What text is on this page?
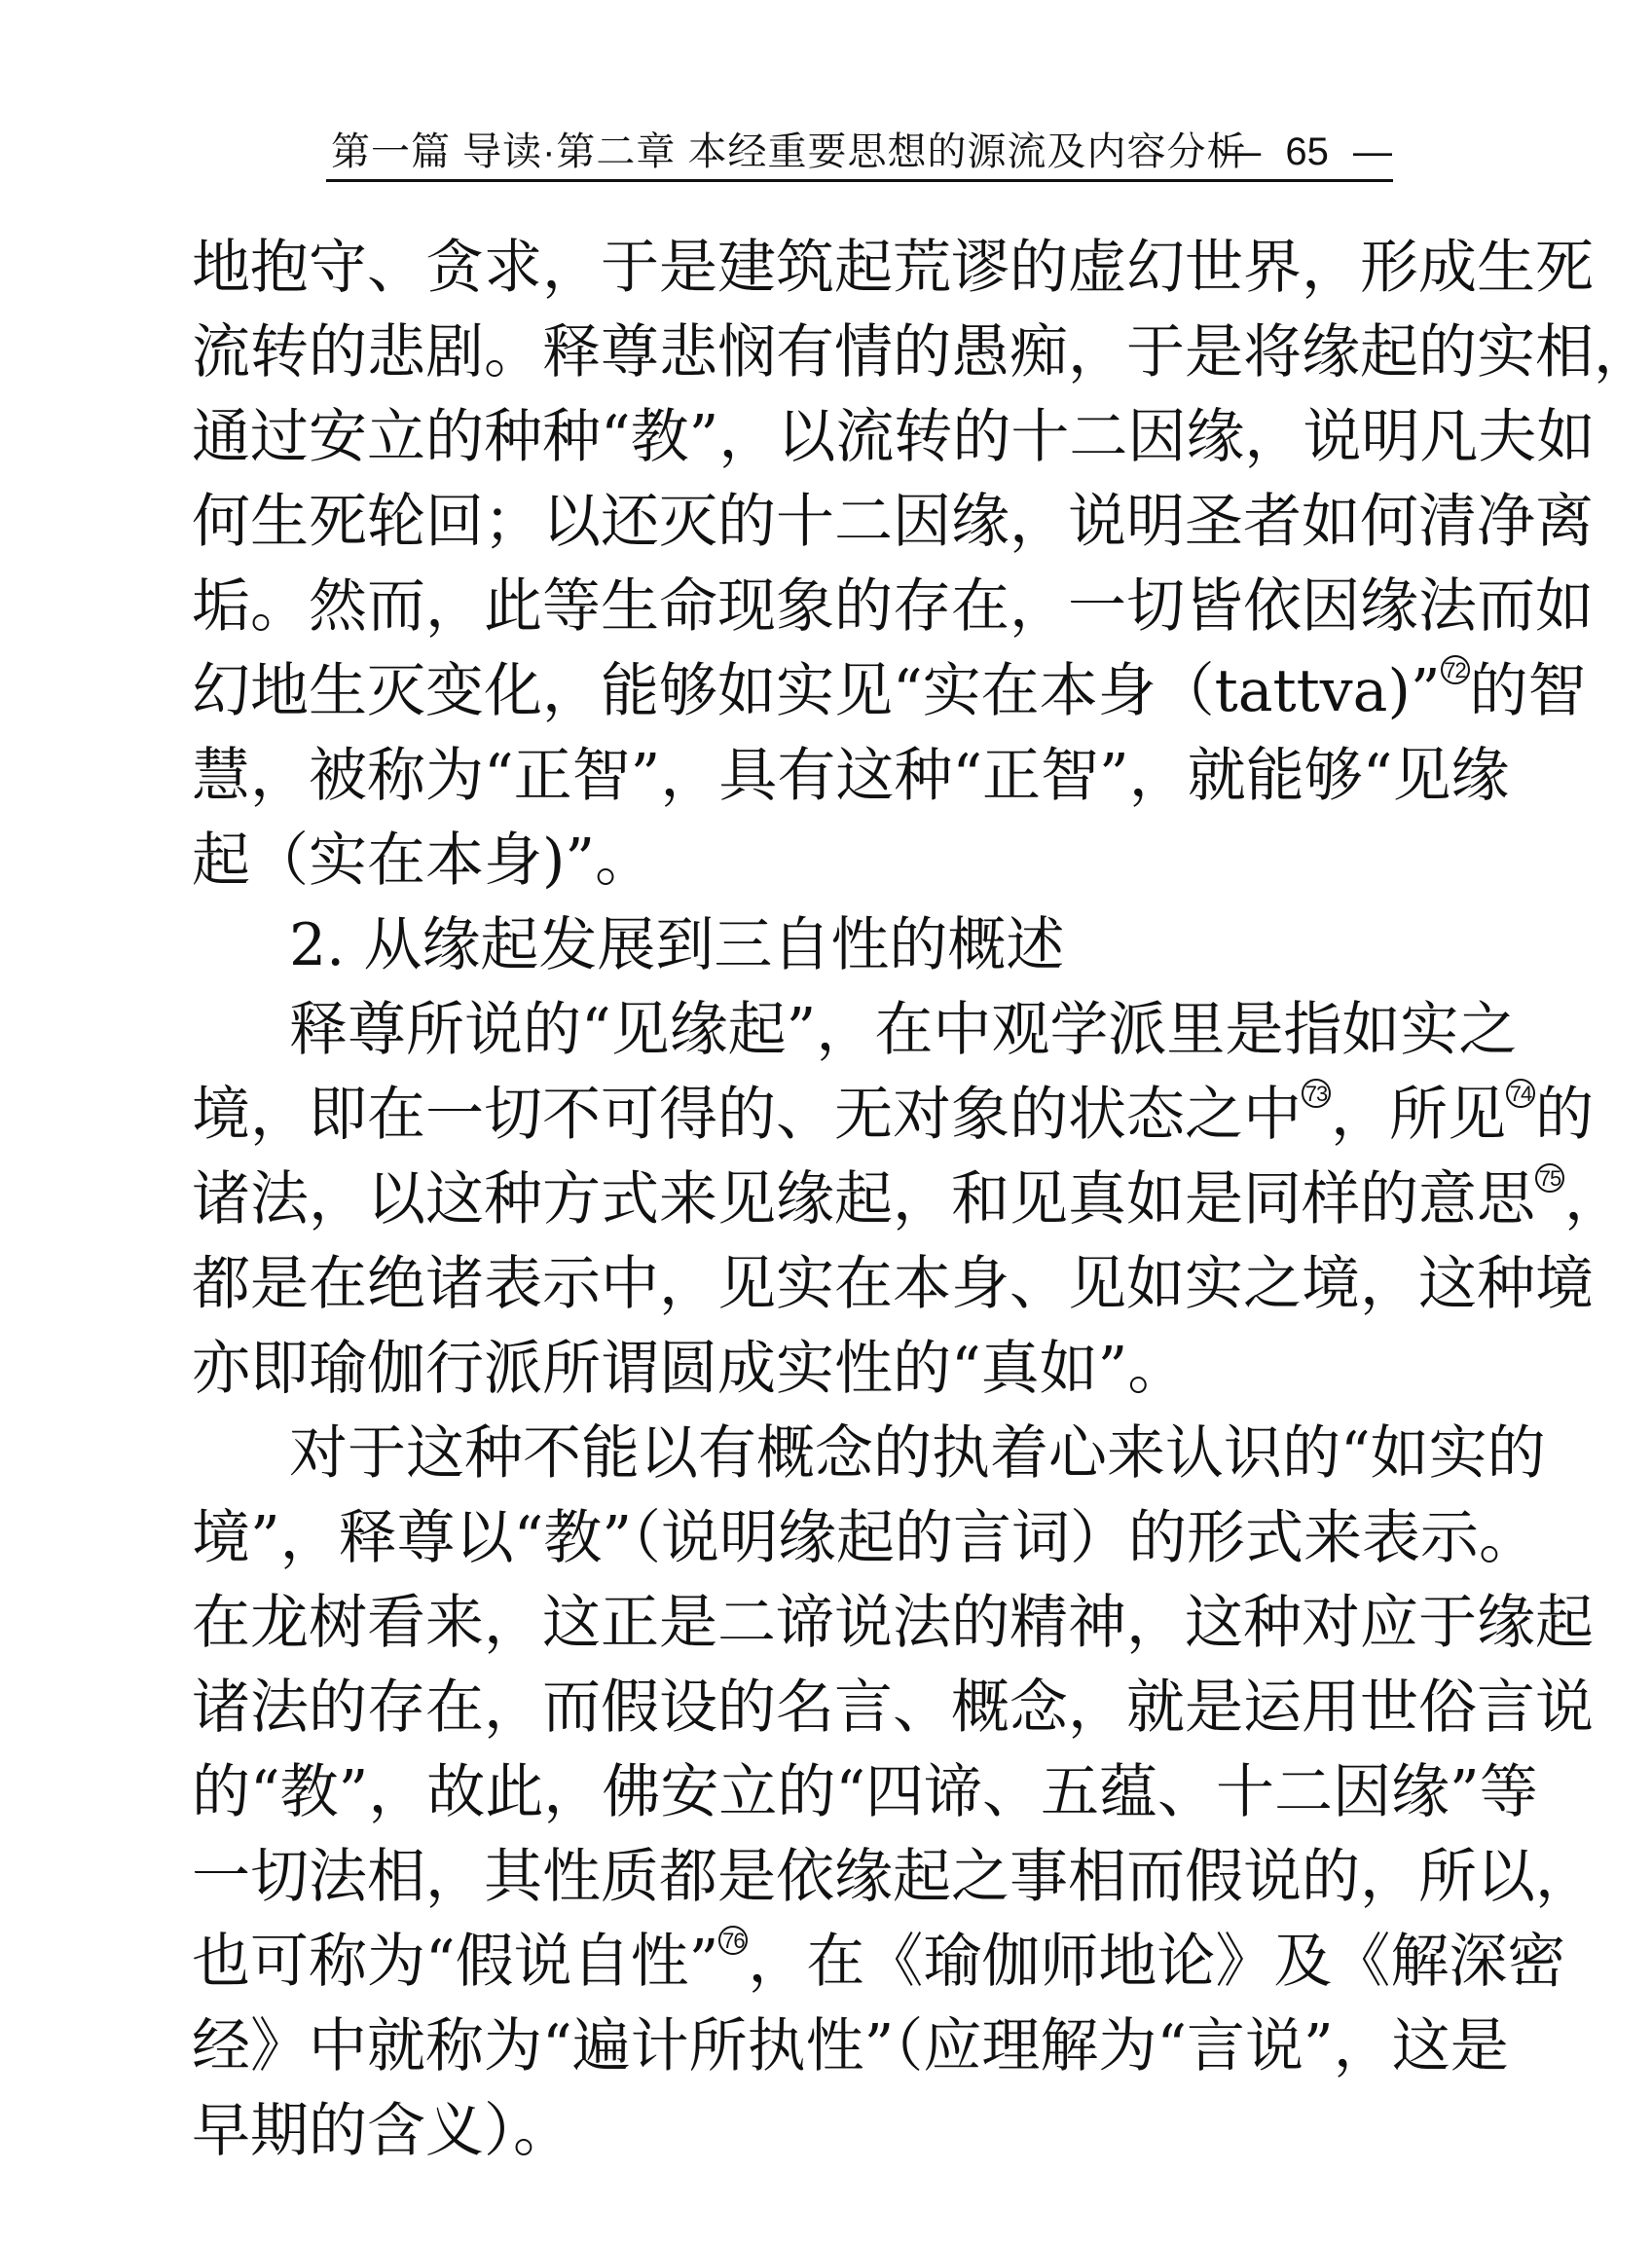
第一篇 导读·第二章 本经重要思想的源流及内容分析
— 65 —
地抱守、贪求，于是建筑起荒谬的虚幻世界，形成生死
流转的悲剧。释尊悲悯有情的愚痴，于是将缘起的实相，
通过安立的种种“教”，以流转的十二因缘，说明凡夫如
何生死轮回；以还灭的十二因缘，说明圣者如何清净离
垢。然而，此等生命现象的存在，一切皆依因缘法而如
幻地生灭变化，能够如实见“实在本身（tattva)” 72的智
慧，被称为“正智”，具有这种“正智”，就能够“见缘
起（实在本身)”。
2. 从缘起发展到三自性的概述
释尊所说的“见缘起”，在中观学派里是指如实之
境，即在一切不可得的、无对象的状态之中 73，所见 74的
诸法，以这种方式来见缘起，和见真如是同样的意思 75，
都是在绝诸表示中，见实在本身、见如实之境，这种境
亦即瑜伽行派所谓圆成实性的“真如”。
对于这种不能以有概念的执着心来认识的“如实的
境”，释尊以“教”（说明缘起的言词）的形式来表示。
在龙树看来，这正是二谛说法的精神，这种对应于缘起
诸法的存在，而假设的名言、概念，就是运用世俗言说
的“教”，故此，佛安立的“四谛、五蕴、十二因缘”等
一切法相，其性质都是依缘起之事相而假说的，所以，
也可称为“假说自性” 76，在《瑜伽师地论》及《解深密
经》中就称为“遍计所执性”（应理解为“言说”，这是
早期的含义）。
